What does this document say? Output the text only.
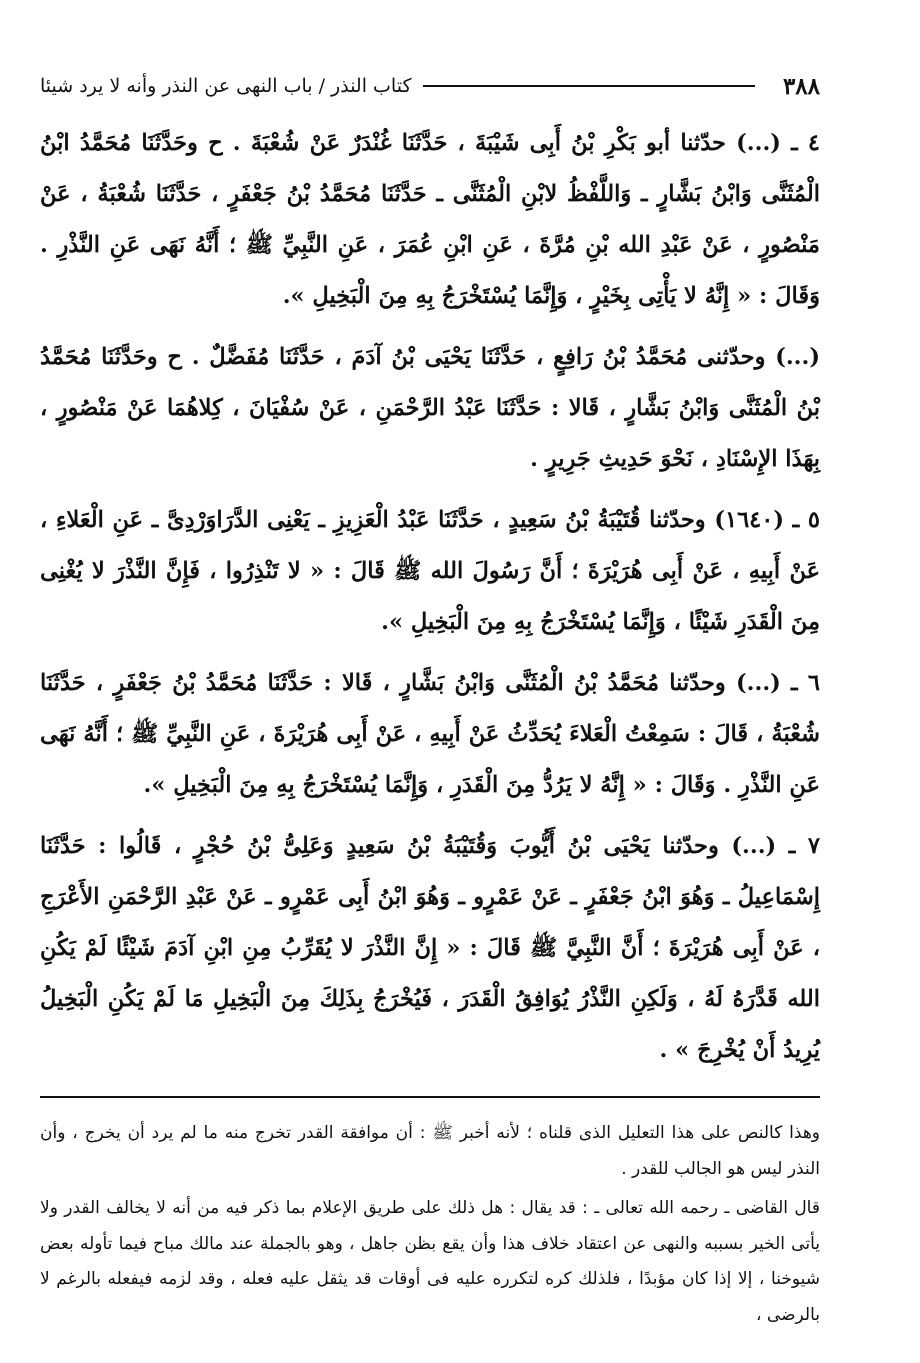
٣٨٨
كتاب النذر / باب النهى عن النذر وأنه لا يرد شيئا

٤ ـ (...) حدّثنا أبو بَكْرِ بْنُ أَبِى شَيْبَةَ ، حَدَّثَنَا غُنْدَرٌ عَنْ شُعْبَةَ . ح وحَدَّثَنَا مُحَمَّدُ ابْنُ الْمُثَنَّى وَابْنُ بَشَّارٍ ـ وَاللَّفْظُ لابْنِ الْمُثَنَّى ـ حَدَّثَنَا مُحَمَّدُ بْنُ جَعْفَرٍ ، حَدَّثَنَا شُعْبَةُ ، عَنْ مَنْصُورٍ ، عَنْ عَبْدِ الله بْنِ مُرَّةَ ، عَنِ ابْنِ عُمَرَ ، عَنِ النَّبِيِّ ﷺ ؛ أَنَّهُ نَهَى عَنِ النَّذْرِ . وَقَالَ : « إِنَّهُ لا يَأْتِى بِخَيْرٍ ، وَإِنَّمَا يُسْتَخْرَجُ بِهِ مِنَ الْبَخِيلِ ».

(...) وحدّثنى مُحَمَّدُ بْنُ رَافِعٍ ، حَدَّثَنَا يَحْيَى بْنُ آدَمَ ، حَدَّثَنَا مُفَضَّلٌ . ح وحَدَّثَنَا مُحَمَّدُ بْنُ الْمُثَنَّى وَابْنُ بَشَّارٍ ، قَالا : حَدَّثَنَا عَبْدُ الرَّحْمَنِ ، عَنْ سُفْيَانَ ، كِلاهُمَا عَنْ مَنْصُورٍ ، بِهَذَا الإِسْنَادِ ، نَحْوَ حَدِيثِ جَرِيرٍ .

٥ ـ (١٦٤٠) وحدّثنا قُتَيْبَةُ بْنُ سَعِيدٍ ، حَدَّثَنَا عَبْدُ الْعَزِيزِ ـ يَعْنِى الدَّرَاوَرْدِىَّ ـ عَنِ الْعَلاءِ ، عَنْ أَبِيهِ ، عَنْ أَبِى هُرَيْرَةَ ؛ أَنَّ رَسُولَ الله ﷺ قَالَ : « لا تَنْذِرُوا ، فَإِنَّ النَّذْرَ لا يُغْنِى مِنَ الْقَدَرِ شَيْئًا ، وَإِنَّمَا يُسْتَخْرَجُ بِهِ مِنَ الْبَخِيلِ ».

٦ ـ (...) وحدّثنا مُحَمَّدُ بْنُ الْمُثَنَّى وَابْنُ بَشَّارٍ ، قَالا : حَدَّثَنَا مُحَمَّدُ بْنُ جَعْفَرٍ ، حَدَّثَنَا شُعْبَةُ ، قَالَ : سَمِعْتُ الْعَلاءَ يُحَدِّثُ عَنْ أَبِيهِ ، عَنْ أَبِى هُرَيْرَةَ ، عَنِ النَّبِيِّ ﷺ ؛ أَنَّهُ نَهَى عَنِ النَّذْرِ . وَقَالَ : « إِنَّهُ لا يَرُدُّ مِنَ الْقَدَرِ ، وَإِنَّمَا يُسْتَخْرَجُ بِهِ مِنَ الْبَخِيلِ ».

٧ ـ (...) وحدّثنا يَحْيَى بْنُ أَيُّوبَ وَقُتَيْبَةُ بْنُ سَعِيدٍ وَعَلِىُّ بْنُ حُجْرٍ ، قَالُوا : حَدَّثَنَا إِسْمَاعِيلُ ـ وَهُوَ ابْنُ جَعْفَرٍ ـ عَنْ عَمْرٍو ـ وَهُوَ ابْنُ أَبِى عَمْرٍو ـ عَنْ عَبْدِ الرَّحْمَنِ الأَعْرَجِ ، عَنْ أَبِى هُرَيْرَةَ ؛ أَنَّ النَّبِيَّ ﷺ قَالَ : « إِنَّ النَّذْرَ لا يُقَرِّبُ مِنِ ابْنِ آدَمَ شَيْئًا لَمْ يَكُنِ الله قَدَّرَهُ لَهُ ، وَلَكِنِ النَّذْرُ يُوَافِقُ الْقَدَرَ ، فَيُخْرَجُ بِذَلِكَ مِنَ الْبَخِيلِ مَا لَمْ يَكُنِ الْبَخِيلُ يُرِيدُ أَنْ يُخْرِجَ » .

وهذا كالنص على هذا التعليل الذى قلناه ؛ لأنه أخبر ﷺ : أن موافقة القدر تخرج منه ما لم يرد أن يخرج ، وأن النذر ليس هو الجالب للقدر .

قال القاضى ـ رحمه الله تعالى ـ : قد يقال : هل ذلك على طريق الإعلام بما ذكر فيه من أنه لا يخالف القدر ولا يأتى الخير بسببه والنهى عن اعتقاد خلاف هذا وأن يقع بظن جاهل ، وهو بالجملة عند مالك مباح فيما تأوله بعض شيوخنا ، إلا إذا كان مؤبدًا ، فلذلك كره لتكرره عليه فى أوقات قد يثقل عليه فعله ، وقد لزمه فيفعله بالرغم لا بالرضى ،
